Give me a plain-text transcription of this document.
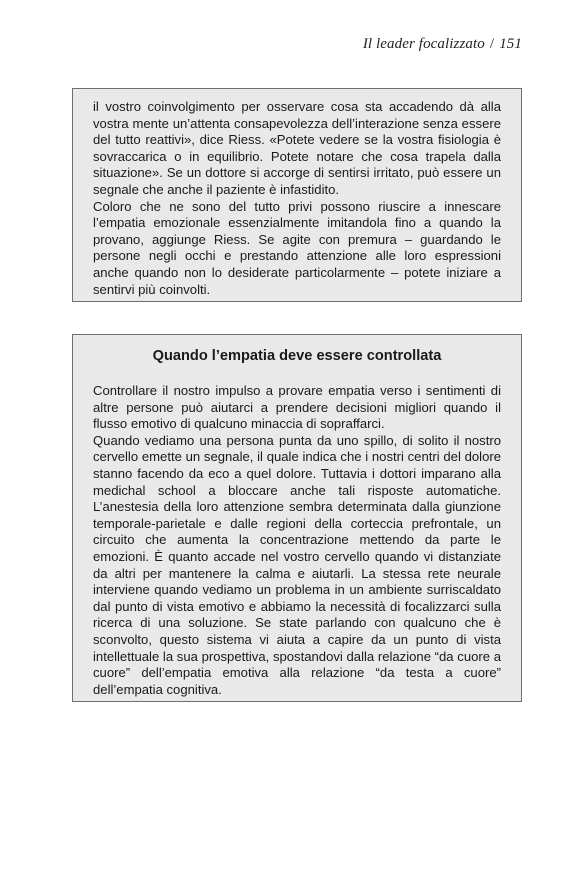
Il leader focalizzato / 151

il vostro coinvolgimento per osservare cosa sta accadendo dà alla vostra mente un’attenta consapevolezza dell’interazione senza essere del tutto reattivi», dice Riess. «Potete vedere se la vostra fisiologia è sovraccarica o in equilibrio. Potete notare che cosa trapela dalla situazione». Se un dottore si accorge di sentirsi irritato, può essere un segnale che anche il paziente è infastidito.

Coloro che ne sono del tutto privi possono riuscire a innescare l’empatia emozionale essenzialmente imitandola fino a quando la provano, aggiunge Riess. Se agite con premura – guardando le persone negli occhi e prestando attenzione alle loro espressioni anche quando non lo desiderate particolarmente – potete iniziare a sentirvi più coinvolti.

Quando l’empatia deve essere controllata

Controllare il nostro impulso a provare empatia verso i sentimenti di altre persone può aiutarci a prendere decisioni migliori quando il flusso emotivo di qualcuno minaccia di sopraffarci.

Quando vediamo una persona punta da uno spillo, di solito il nostro cervello emette un segnale, il quale indica che i nostri centri del dolore stanno facendo da eco a quel dolore. Tuttavia i dottori imparano alla medichal school a bloccare anche tali risposte automatiche. L’anestesia della loro attenzione sembra determinata dalla giunzione temporale-parietale e dalle regioni della corteccia prefrontale, un circuito che aumenta la concentrazione mettendo da parte le emozioni. È quanto accade nel vostro cervello quando vi distanziate da altri per mantenere la calma e aiutarli. La stessa rete neurale interviene quando vediamo un problema in un ambiente surriscaldato dal punto di vista emotivo e abbiamo la necessità di focalizzarci sulla ricerca di una soluzione. Se state parlando con qualcuno che è sconvolto, questo sistema vi aiuta a capire da un punto di vista intellettuale la sua prospettiva, spostandovi dalla relazione “da cuore a cuore” dell’empatia emotiva alla relazione “da testa a cuore” dell’empatia cognitiva.
